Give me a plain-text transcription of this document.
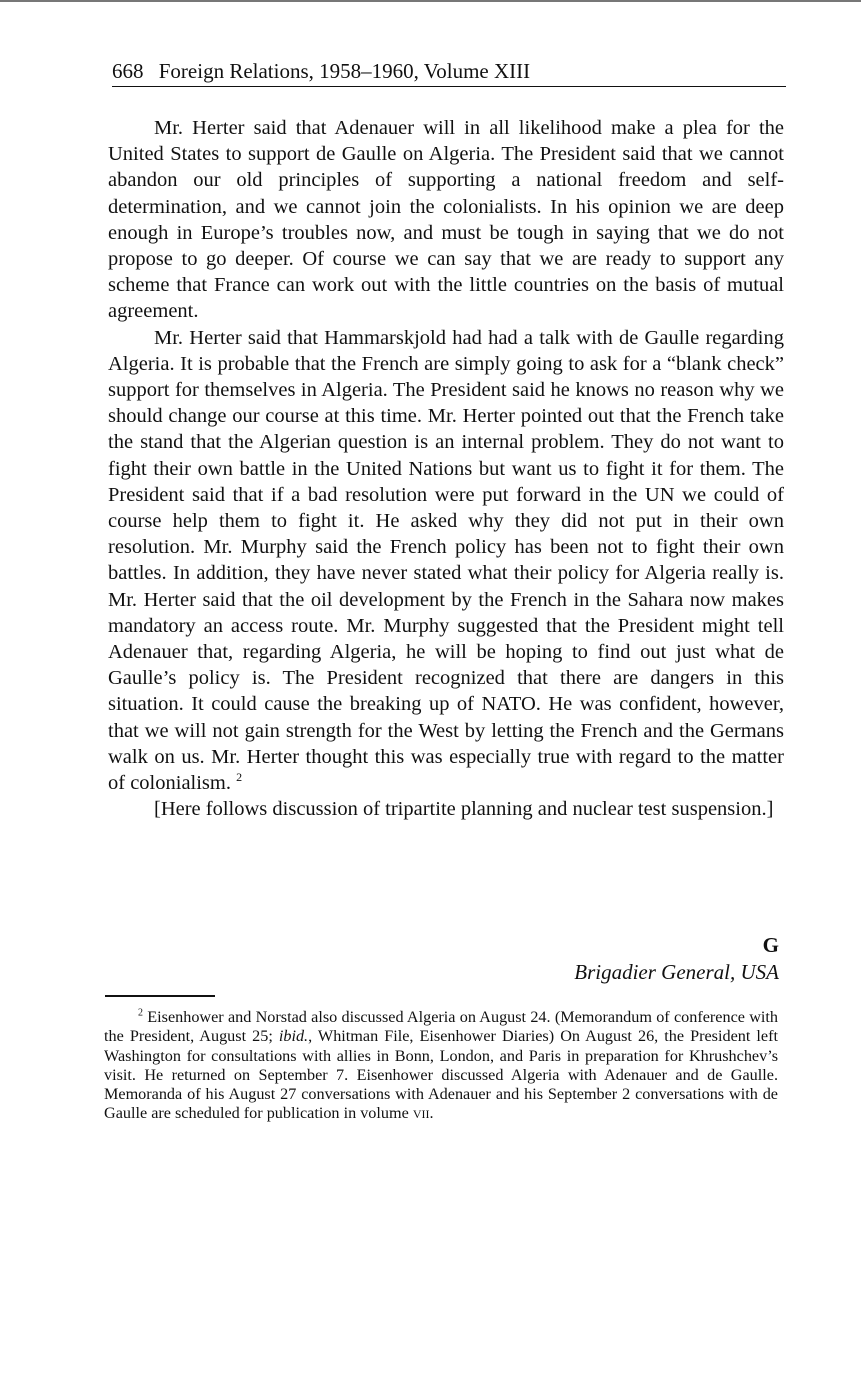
668 Foreign Relations, 1958–1960, Volume XIII

Mr. Herter said that Adenauer will in all likelihood make a plea for the United States to support de Gaulle on Algeria. The President said that we cannot abandon our old principles of supporting a national freedom and self-determination, and we cannot join the colonialists. In his opinion we are deep enough in Europe’s troubles now, and must be tough in saying that we do not propose to go deeper. Of course we can say that we are ready to support any scheme that France can work out with the little countries on the basis of mutual agreement.

Mr. Herter said that Hammarskjold had had a talk with de Gaulle regarding Algeria. It is probable that the French are simply going to ask for a “blank check” support for themselves in Algeria. The President said he knows no reason why we should change our course at this time. Mr. Herter pointed out that the French take the stand that the Algerian question is an internal problem. They do not want to fight their own battle in the United Nations but want us to fight it for them. The President said that if a bad resolution were put forward in the UN we could of course help them to fight it. He asked why they did not put in their own resolution. Mr. Murphy said the French policy has been not to fight their own battles. In addition, they have never stated what their policy for Algeria really is. Mr. Herter said that the oil development by the French in the Sahara now makes mandatory an access route. Mr. Murphy suggested that the President might tell Adenauer that, regarding Algeria, he will be hoping to find out just what de Gaulle’s policy is. The President recognized that there are dangers in this situation. It could cause the breaking up of NATO. He was confident, however, that we will not gain strength for the West by letting the French and the Germans walk on us. Mr. Herter thought this was especially true with regard to the matter of colonialism. $^2$

[Here follows discussion of tripartite planning and nuclear test suspension.]

G
Brigadier General, USA

$^2$ Eisenhower and Norstad also discussed Algeria on August 24. (Memorandum of conference with the President, August 25; ibid., Whitman File, Eisenhower Diaries) On August 26, the President left Washington for consultations with allies in Bonn, London, and Paris in preparation for Khrushchev’s visit. He returned on September 7. Eisenhower discussed Algeria with Adenauer and de Gaulle. Memoranda of his August 27 conversations with Adenauer and his September 2 conversations with de Gaulle are scheduled for publication in volume VII.
